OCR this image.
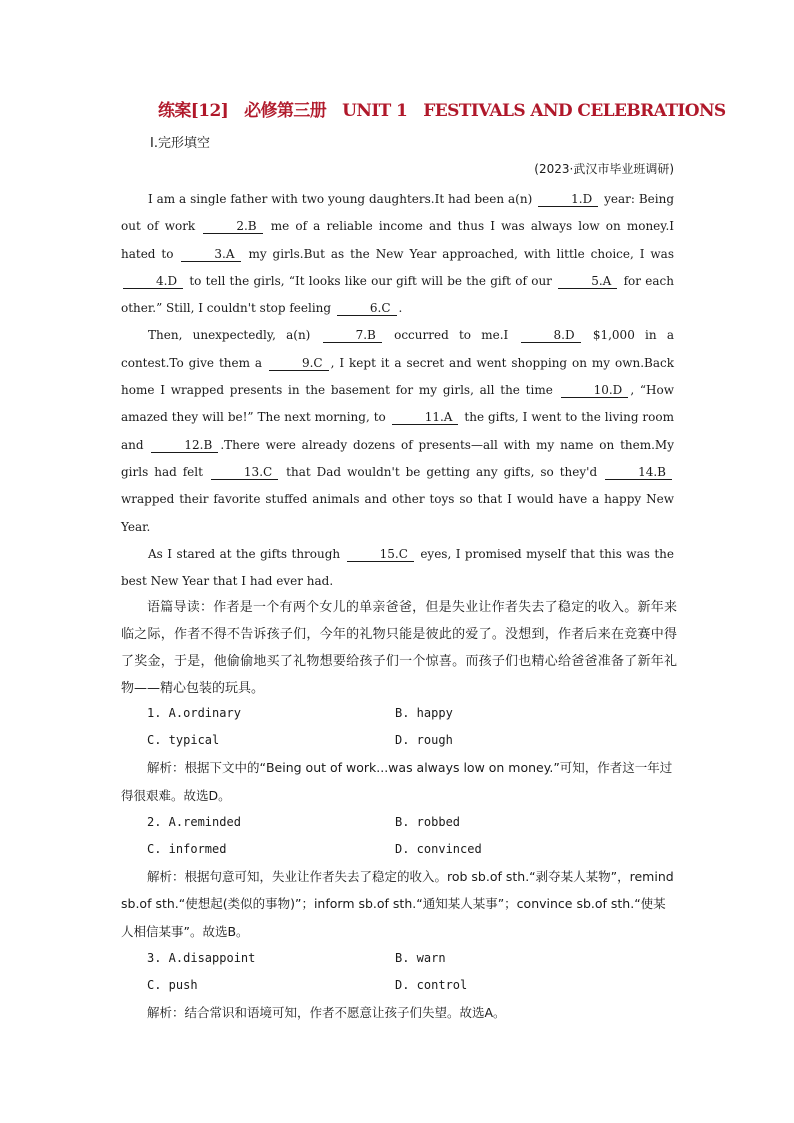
练案[12] 必修第三册 UNIT 1 FESTIVALS AND CELEBRATIONS
Ⅰ.完形填空
(2023·武汉市毕业班调研)

I am a single father with two young daughters.It had been a(n)	1.D year: Being out of work	2.B me of a reliable income and thus I was always low on money.I hated to	3.A my girls.But as the New Year approached, with little choice, I was 4.D to tell the girls, “It looks like our gift will be the gift of our	5.A for each other.” Still, I couldn't stop feeling	6.C .

Then, unexpectedly, a(n)	7.B occurred to me.I	8.D $1,000 in a contest.To give them a	9.C , I kept it a secret and went shopping on my own.Back home I wrapped presents in the basement for my girls, all the time	10.D , “How amazed they will be!” The next morning, to	11.A the gifts, I went to the living room and	12.B .There were already dozens of presents—all with my name on them.My girls had felt	13.C that Dad wouldn't be getting any gifts, so they'd	14.B wrapped their favorite stuffed animals and other toys so that I would have a happy New Year.

As I stared at the gifts through	15.C eyes, I promised myself that this was the best New Year that I had ever had.

语篇导读：作者是一个有两个女儿的单亲爸爸，但是失业让作者失去了稳定的收入。新年来临之际，作者不得不告诉孩子们，今年的礼物只能是彼此的爱了。没想到，作者后来在竞赛中得了奖金，于是，他偷偷地买了礼物想要给孩子们一个惊喜。而孩子们也精心给爸爸准备了新年礼物——精心包装的玩具。
1. A.ordinary	B. happy
C. typical	D. rough
解析：根据下文中的“Being out of work...was always low on money.”可知，作者这一年过得很艰难。故选D。
2. A.reminded	B. robbed
C. informed	D. convinced
解析：根据句意可知，失业让作者失去了稳定的收入。rob sb.of sth.“剥夺某人某物”，remind sb.of sth.“使想起(类似的事物)”；inform sb.of sth.“通知某人某事”；convince sb.of sth.“使某人相信某事”。故选B。
3. A.disappoint	B. warn
C. push	D. control
解析：结合常识和语境可知，作者不愿意让孩子们失望。故选A。
